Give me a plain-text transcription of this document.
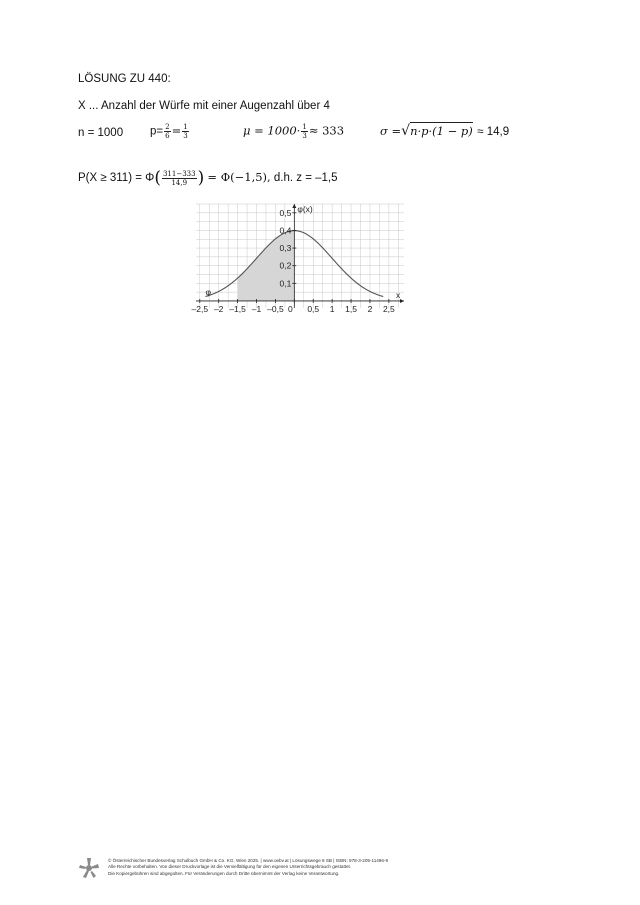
LÖSUNG ZU 440:
X ... Anzahl der Würfe mit einer Augenzahl über 4
n = 1000 $p= \frac{2}{6} = \frac{1}{3}$	$\mu = 1000\cdot \frac{1}{3} \approx 333$	σ =√n·p·(1 − p) ≈ 14,9
$P(X \ge 311) = \Phi( \frac{311-333}{14,9}$ ) = Φ(−1,5), d.h. z = –1,5
x
φ(x)
φ
–2,5 –2 –1,5 –1 –0,5 0 0,5 1 1,5 2 2,5
0,1
0,2
0,3
0,4
0,5
© Österreichischer Bundesverlag Schulbuch GmbH & Co. KG, Wien 2025. | www.oebv.at | Lösungswege 8 SB | ISBN: 978-3-209-11496-9
Alle Rechte vorbehalten. Von dieser Druckvorlage ist die Vervielfältigung für den eigenen Unterrichtsgebrauch gestattet.
Die Kopiergebühren sind abgegolten. Für Veränderungen durch Dritte übernimmt der Verlag keine Verantwortung.
